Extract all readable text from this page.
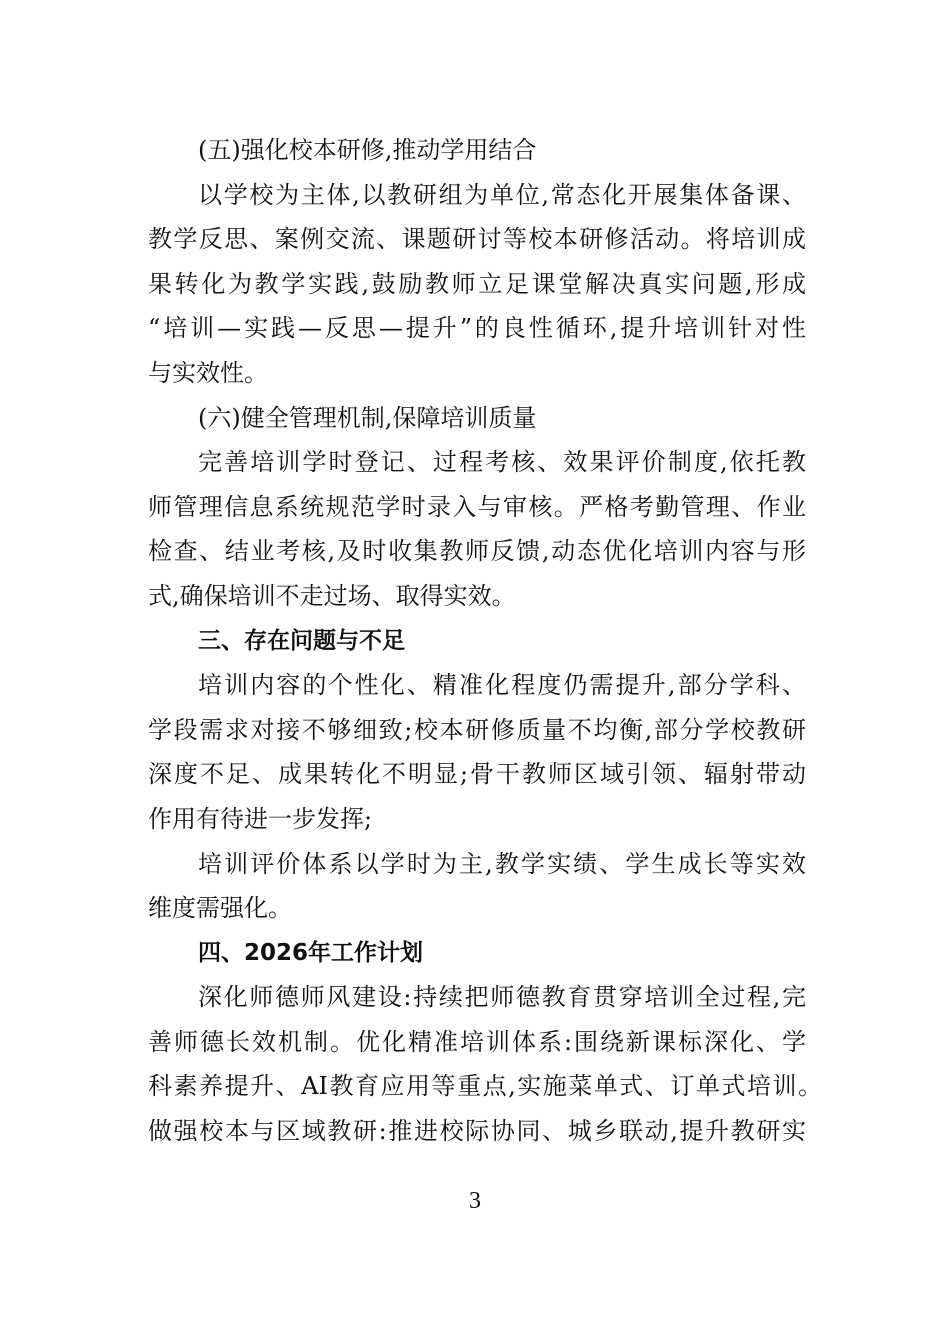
(五)强化校本研修,推动学用结合
以学校为主体,以教研组为单位,常态化开展集体备课、
教学反思、案例交流、课题研讨等校本研修活动。将培训成
果转化为教学实践,鼓励教师立足课堂解决真实问题,形成
“培训—实践—反思—提升”的良性循环,提升培训针对性
与实效性。
(六)健全管理机制,保障培训质量
完善培训学时登记、过程考核、效果评价制度,依托教
师管理信息系统规范学时录入与审核。严格考勤管理、作业
检查、结业考核,及时收集教师反馈,动态优化培训内容与形
式,确保培训不走过场、取得实效。
三、存在问题与不足
培训内容的个性化、精准化程度仍需提升,部分学科、
学段需求对接不够细致;校本研修质量不均衡,部分学校教研
深度不足、成果转化不明显;骨干教师区域引领、辐射带动
作用有待进一步发挥;
培训评价体系以学时为主,教学实绩、学生成长等实效
维度需强化。
四、2026年工作计划
深化师德师风建设:持续把师德教育贯穿培训全过程,完
善师德长效机制。优化精准培训体系:围绕新课标深化、学
科素养提升、AI教育应用等重点,实施菜单式、订单式培训。
做强校本与区域教研:推进校际协同、城乡联动,提升教研实
3
